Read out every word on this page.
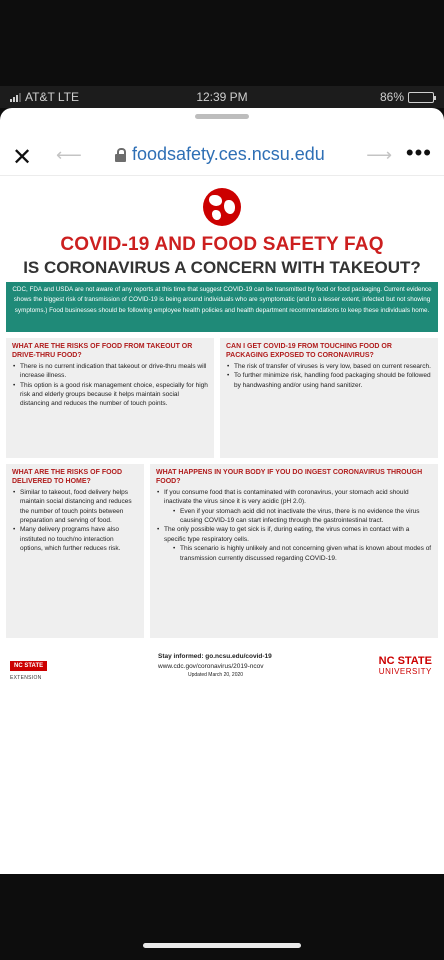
AT&T LTE	12:39 PM	86%
✕ ⟵	foodsafety.ces.ncsu.edu ⟶ •••
COVID-19 AND FOOD SAFETY FAQ
IS CORONAVIRUS A CONCERN WITH TAKEOUT?
CDC, FDA and USDA are not aware of any reports at this time that suggest COVID-19 can be transmitted by food or food packaging. Current evidence shows the biggest risk of transmission of COVID-19 is being around individuals who are symptomatic (and to a lesser extent, infected but not showing symptoms.) Food businesses should be following employee health policies and health department recommendations to keep these individuals home.
WHAT ARE THE RISKS OF FOOD FROM TAKEOUT OR DRIVE-THRU FOOD?
• There is no current indication that takeout or drive-thru meals will increase illness.
• This option is a good risk management choice, especially for high risk and elderly groups because it helps maintain social distancing and reduces the number of touch points.
CAN I GET COVID-19 FROM TOUCHING FOOD OR PACKAGING EXPOSED TO CORONAVIRUS?
• The risk of transfer of viruses is very low, based on current research.
• To further minimize risk, handling food packaging should be followed by handwashing and/or using hand sanitizer.
WHAT ARE THE RISKS OF FOOD DELIVERED TO HOME?
• Similar to takeout, food delivery helps maintain social distancing and reduces the number of touch points between preparation and serving of food.
• Many delivery programs have also instituted no touch/no interaction options, which further reduces risk.
WHAT HAPPENS IN YOUR BODY IF YOU DO INGEST CORONAVIRUS THROUGH FOOD?
• If you consume food that is contaminated with coronavirus, your stomach acid should inactivate the virus since it is very acidic (pH 2.0).
• Even if your stomach acid did not inactivate the virus, there is no evidence the virus causing COVID-19 can start infecting through the gastrointestinal tract.
• The only possible way to get sick is if, during eating, the virus comes in contact with a specific type respiratory cells.
• This scenario is highly unlikely and not concerning given what is known about modes of transmission currently discussed regarding COVID-19.
NC STATE
EXTENSION
Stay informed: go.ncsu.edu/covid-19
www.cdc.gov/coronavirus/2019-ncov
Updated March 20, 2020
NC STATE
UNIVERSITY
